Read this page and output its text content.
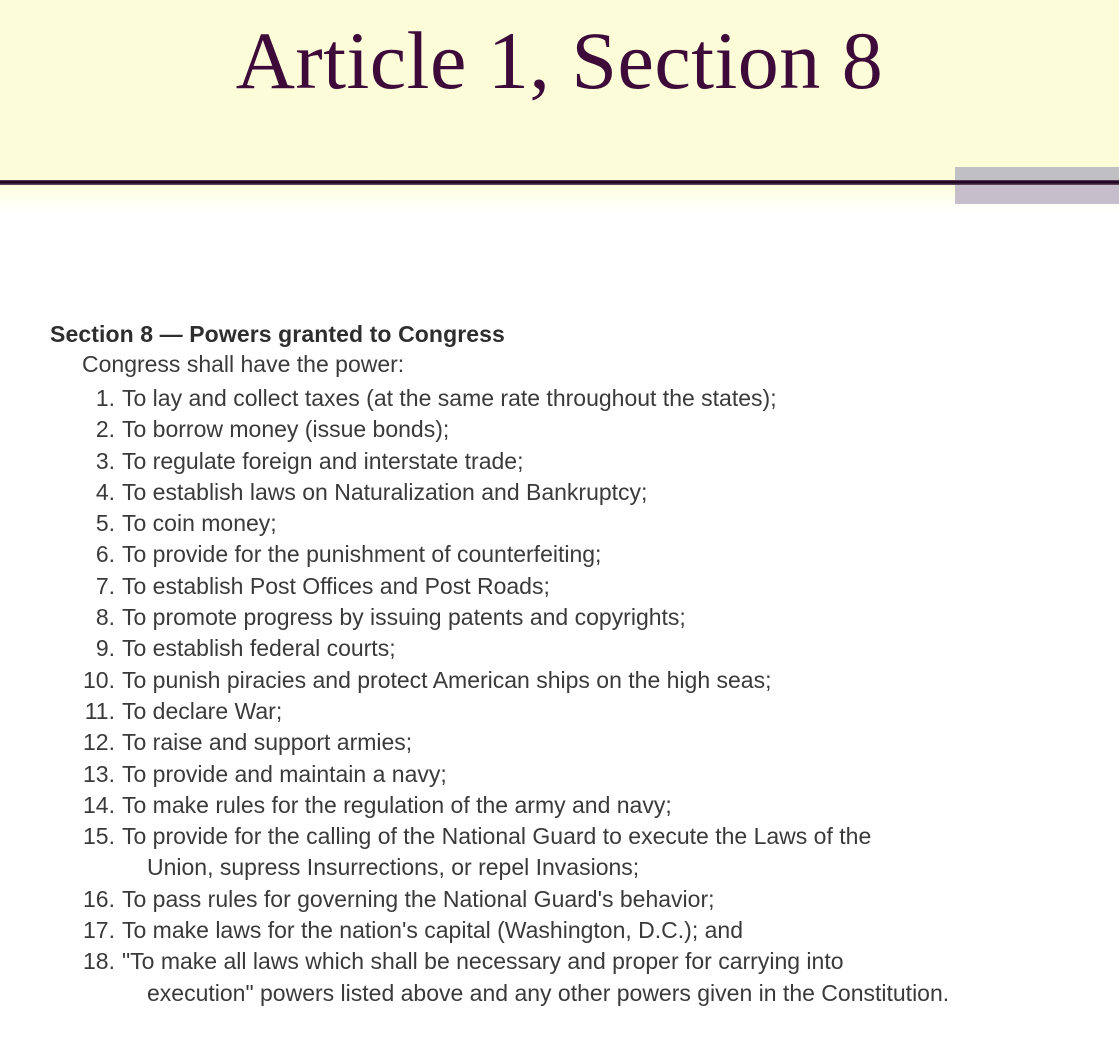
Article 1, Section 8
Section 8 — Powers granted to Congress
Congress shall have the power:
1. To lay and collect taxes (at the same rate throughout the states);
2. To borrow money (issue bonds);
3. To regulate foreign and interstate trade;
4. To establish laws on Naturalization and Bankruptcy;
5. To coin money;
6. To provide for the punishment of counterfeiting;
7. To establish Post Offices and Post Roads;
8. To promote progress by issuing patents and copyrights;
9. To establish federal courts;
10. To punish piracies and protect American ships on the high seas;
11. To declare War;
12. To raise and support armies;
13. To provide and maintain a navy;
14. To make rules for the regulation of the army and navy;
15. To provide for the calling of the National Guard to execute the Laws of the
Union, supress Insurrections, or repel Invasions;
16. To pass rules for governing the National Guard's behavior;
17. To make laws for the nation's capital (Washington, D.C.); and
18. "To make all laws which shall be necessary and proper for carrying into
execution" powers listed above and any other powers given in the Constitution.
